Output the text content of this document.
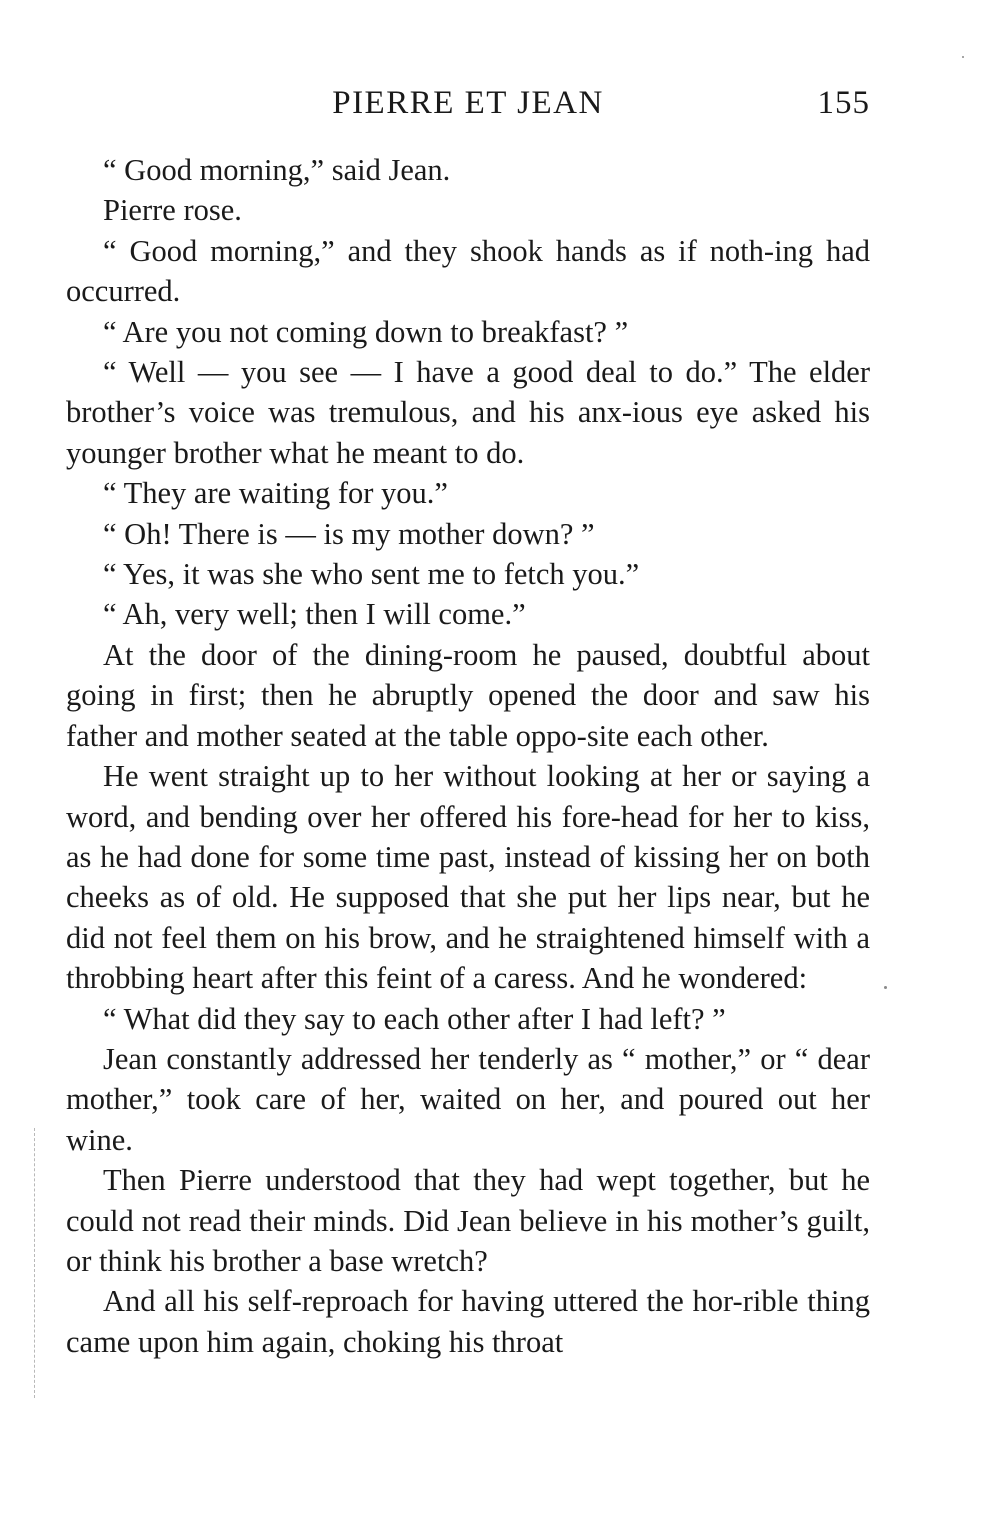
PIERRE ET JEAN	155

“ Good morning,” said Jean.

Pierre rose.

“ Good morning,” and they shook hands as if noth-ing had occurred.

“ Are you not coming down to breakfast? ”

“ Well — you see — I have a good deal to do.” The elder brother’s voice was tremulous, and his anx-ious eye asked his younger brother what he meant to do.

“ They are waiting for you.”

“ Oh! There is — is my mother down? ”

“ Yes, it was she who sent me to fetch you.”

“ Ah, very well; then I will come.”

At the door of the dining-room he paused, doubtful about going in first; then he abruptly opened the door and saw his father and mother seated at the table oppo-site each other.

He went straight up to her without looking at her or saying a word, and bending over her offered his fore-head for her to kiss, as he had done for some time past, instead of kissing her on both cheeks as of old. He supposed that she put her lips near, but he did not feel them on his brow, and he straightened himself with a throbbing heart after this feint of a caress. And he wondered:

“ What did they say to each other after I had left? ”

Jean constantly addressed her tenderly as “ mother,” or “ dear mother,” took care of her, waited on her, and poured out her wine.

Then Pierre understood that they had wept together, but he could not read their minds. Did Jean believe in his mother’s guilt, or think his brother a base wretch?

And all his self-reproach for having uttered the hor-rible thing came upon him again, choking his throat
